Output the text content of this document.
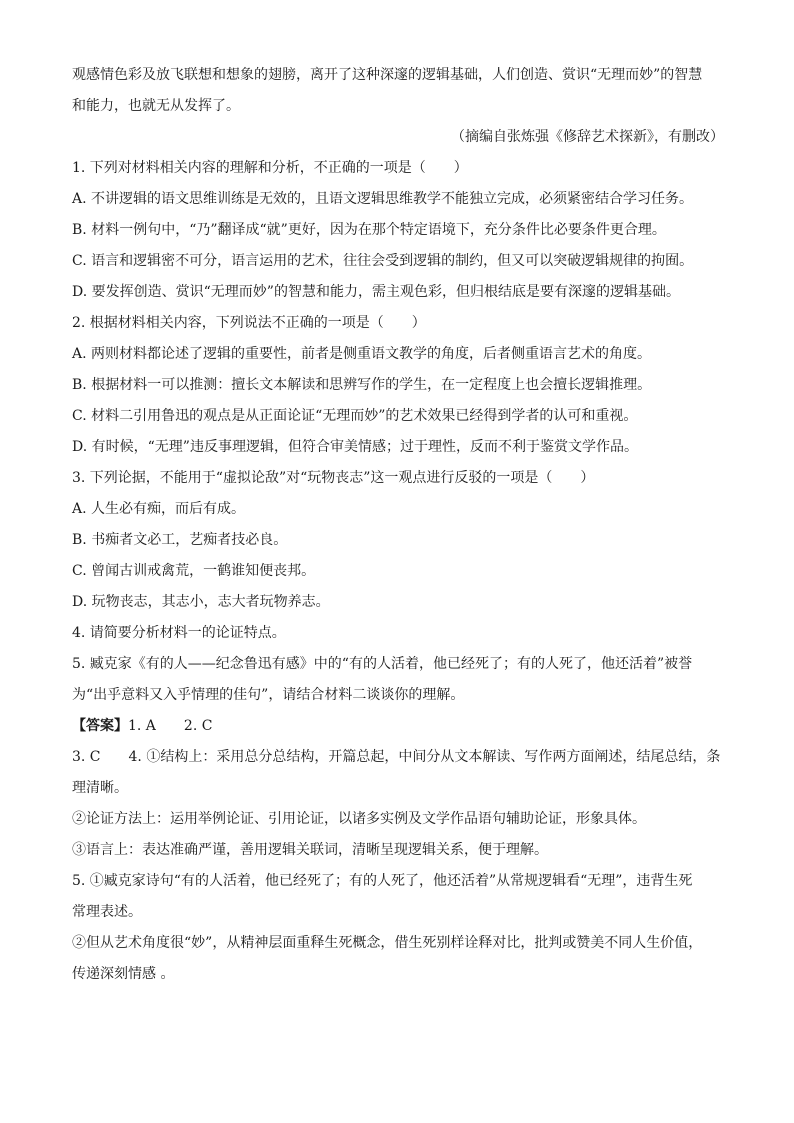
观感情色彩及放飞联想和想象的翅膀，离开了这种深邃的逻辑基础，人们创造、赏识“无理而妙”的智慧
和能力，也就无从发挥了。
（摘编自张炼强《修辞艺术探新》，有删改）
1. 下列对材料相关内容的理解和分析，不正确的一项是（　　）
A. 不讲逻辑的语文思维训练是无效的，且语文逻辑思维教学不能独立完成，必须紧密结合学习任务。
B. 材料一例句中，“乃”翻译成“就”更好，因为在那个特定语境下，充分条件比必要条件更合理。
C. 语言和逻辑密不可分，语言运用的艺术，往往会受到逻辑的制约，但又可以突破逻辑规律的拘囿。
D. 要发挥创造、赏识“无理而妙”的智慧和能力，需主观色彩，但归根结底是要有深邃的逻辑基础。
2. 根据材料相关内容，下列说法不正确的一项是（　　）
A. 两则材料都论述了逻辑的重要性，前者是侧重语文教学的角度，后者侧重语言艺术的角度。
B. 根据材料一可以推测：擅长文本解读和思辨写作的学生，在一定程度上也会擅长逻辑推理。
C. 材料二引用鲁迅的观点是从正面论证“无理而妙”的艺术效果已经得到学者的认可和重视。
D. 有时候，“无理”违反事理逻辑，但符合审美情感；过于理性，反而不利于鉴赏文学作品。
3. 下列论据，不能用于“虚拟论敌”对“玩物丧志”这一观点进行反驳的一项是（　　）
A. 人生必有痴，而后有成。
B. 书痴者文必工，艺痴者技必良。
C. 曾闻古训戒禽荒，一鹤谁知便丧邦。
D. 玩物丧志，其志小，志大者玩物养志。
4. 请简要分析材料一的论证特点。
5. 臧克家《有的人——纪念鲁迅有感》中的“有的人活着，他已经死了；有的人死了，他还活着”被誉
为“出乎意料又入乎情理的佳句”，请结合材料二谈谈你的理解。
【答案】1. A　　2. C
3. C　　4. ①结构上：采用总分总结构，开篇总起，中间分从文本解读、写作两方面阐述，结尾总结，条
理清晰。
②论证方法上：运用举例论证、引用论证，以诸多实例及文学作品语句辅助论证，形象具体。
③语言上：表达准确严谨，善用逻辑关联词，清晰呈现逻辑关系，便于理解。
5. ①臧克家诗句“有的人活着，他已经死了；有的人死了，他还活着”从常规逻辑看“无理”，违背生死
常理表述。
②但从艺术角度很“妙”，从精神层面重释生死概念，借生死别样诠释对比，批判或赞美不同人生价值，
传递深刻情感 。
